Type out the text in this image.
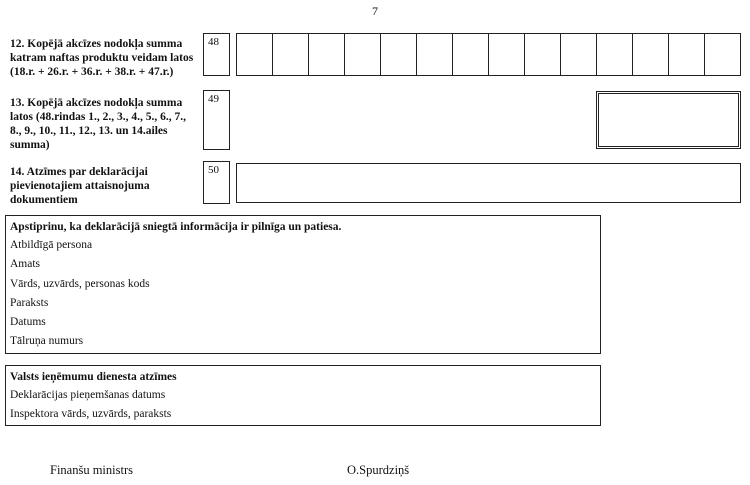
7
12. Kopējā akcīzes nodokļa summa katram naftas produktu veidam latos (18.r. + 26.r. + 36.r. + 38.r. + 47.r.)
48
13. Kopējā akcīzes nodokļa summa latos (48.rindas 1., 2., 3., 4., 5., 6., 7., 8., 9., 10., 11., 12., 13. un 14.ailes summa)
49
14. Atzīmes par deklarācijai pievienotajiem attaisnojuma dokumentiem
50
Apstiprinu, ka deklarācijā sniegtā informācija ir pilnīga un patiesa.
Atbildīgā persona
Amats
Vārds, uzvārds, personas kods
Paraksts
Datums
Tālruņa numurs
Valsts ieņēmumu dienesta atzīmes
Deklarācijas pieņemšanas datums
Inspektora vārds, uzvārds, paraksts
Finanšu ministrs	O.Spurdziņš
